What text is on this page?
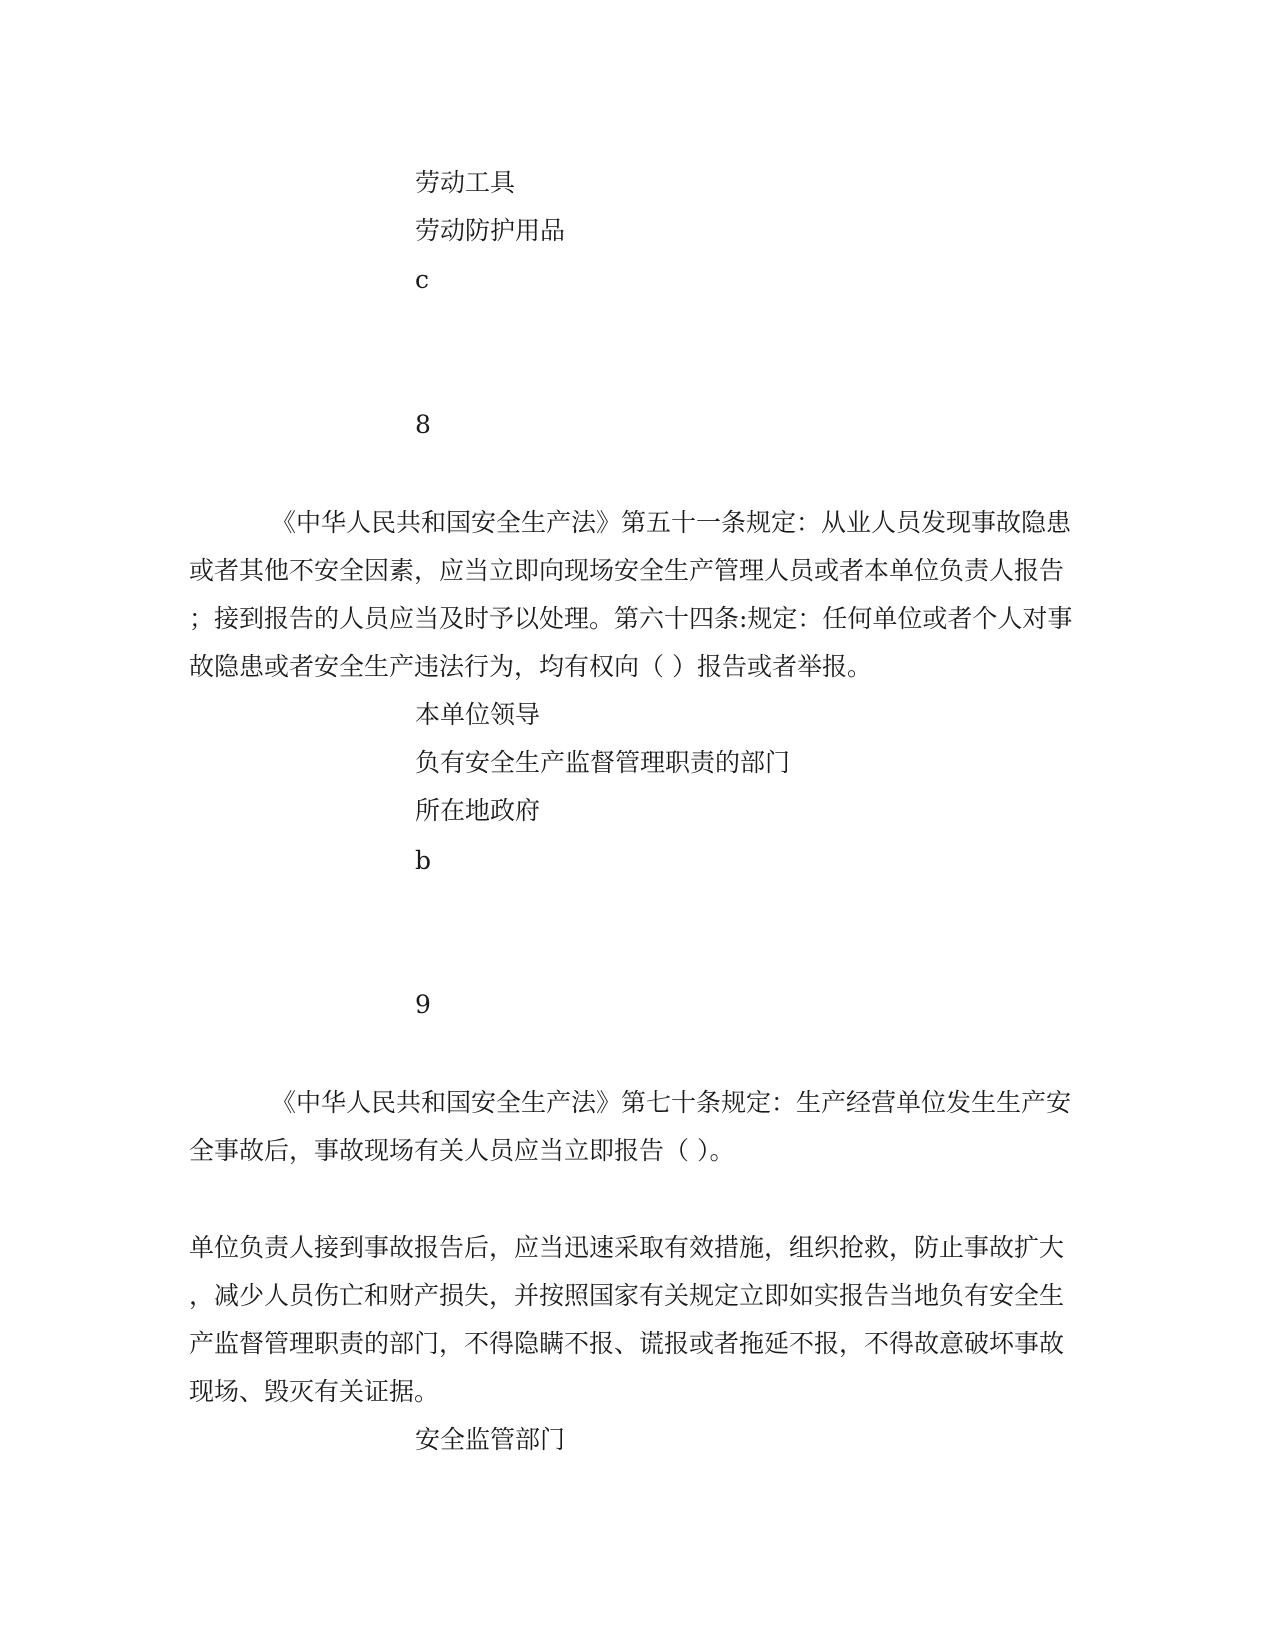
劳动工具
劳动防护用品
c
8
《中华人民共和国安全生产法》第五十一条规定：从业人员发现事故隐患
或者其他不安全因素，应当立即向现场安全生产管理人员或者本单位负责人报告
；接到报告的人员应当及时予以处理。第六十四条:规定：任何单位或者个人对事
故隐患或者安全生产违法行为，均有权向（ ）报告或者举报。
本单位领导
负有安全生产监督管理职责的部门
所在地政府
b
9
《中华人民共和国安全生产法》第七十条规定：生产经营单位发生生产安
全事故后，事故现场有关人员应当立即报告（ ）。
单位负责人接到事故报告后，应当迅速采取有效措施，组织抢救，防止事故扩大
，减少人员伤亡和财产损失，并按照国家有关规定立即如实报告当地负有安全生
产监督管理职责的部门，不得隐瞒不报、谎报或者拖延不报，不得故意破坏事故
现场、毁灭有关证据。
安全监管部门
